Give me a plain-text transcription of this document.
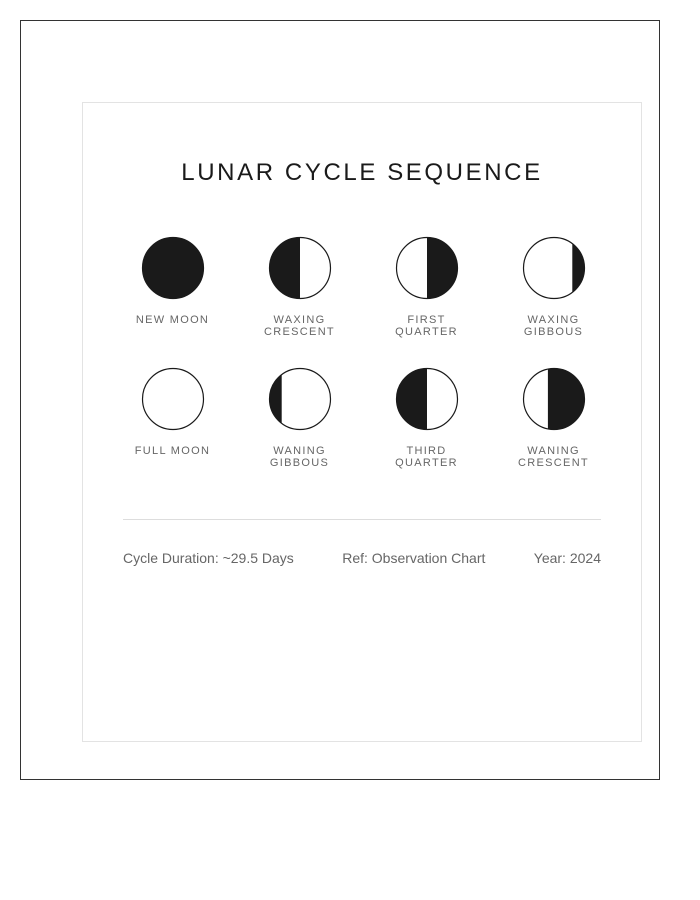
LUNAR CYCLE SEQUENCE
NEW MOON	WAXING
CRESCENT
FIRST
QUARTER
WAXING
GIBBOUS
FULL MOON	WANING
GIBBOUS
THIRD
QUARTER
WANING
CRESCENT
Cycle Duration: ~29.5 Days	Ref: Observation Chart	Year: 2024
